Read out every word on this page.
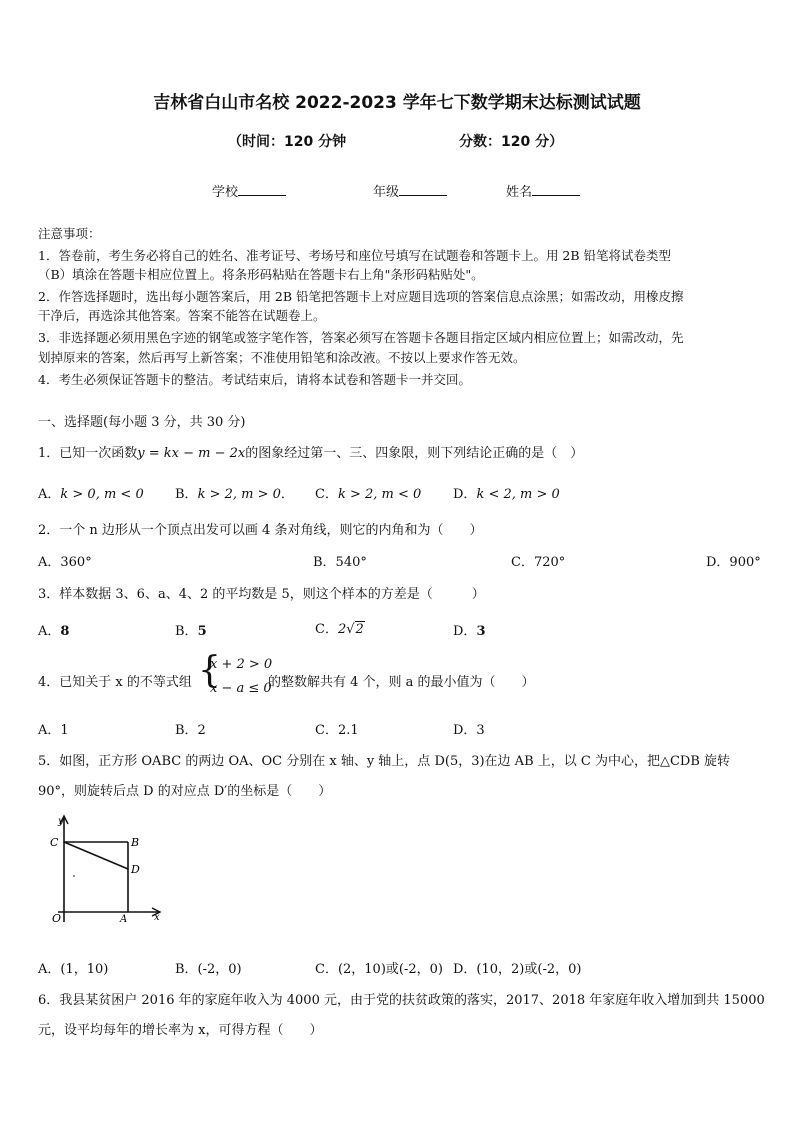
吉林省白山市名校 2022-2023 学年七下数学期末达标测试试题
（时间：120 分钟	分数：120 分）
学校	年级	姓名
注意事项：
1．答卷前，考生务必将自己的姓名、准考证号、考场号和座位号填写在试题卷和答题卡上。用 2B 铅笔将试卷类型
（B）填涂在答题卡相应位置上。将条形码粘贴在答题卡右上角"条形码粘贴处"。
2．作答选择题时，选出每小题答案后，用 2B 铅笔把答题卡上对应题目选项的答案信息点涂黑；如需改动，用橡皮擦
干净后，再选涂其他答案。答案不能答在试题卷上。
3．非选择题必须用黑色字迹的钢笔或签字笔作答，答案必须写在答题卡各题目指定区域内相应位置上；如需改动，先
划掉原来的答案，然后再写上新答案；不准使用铅笔和涂改液。不按以上要求作答无效。
4．考生必须保证答题卡的整洁。考试结束后，请将本试卷和答题卡一并交回。
一、选择题(每小题 3 分，共 30 分)
1．已知一次函数y = kx − m − 2x的图象经过第一、三、四象限，则下列结论正确的是（　）
A．k > 0, m < 0 B．k > 2, m > 0． C．k > 2, m < 0 D．k < 2, m > 0
2．一个 n 边形从一个顶点出发可以画 4 条对角线，则它的内角和为（　　）
A．360°	B．540°	C．720°	D．900°
3．样本数据 3、6、a、4、2 的平均数是 5，则这个样本的方差是（　　　）
A．8	B．5	C．2√2	D．3
4．已知关于 x 的不等式组 {
x + 2 > 0
x − a ≤ 0
的整数解共有 4 个，则 a 的最小值为（　　）
A．1	B．2	C．2.1	D．3
5．如图，正方形 OABC 的两边 OA、OC 分别在 x 轴、y 轴上，点 D(5，3)在边 AB 上，以 C 为中心，把△CDB 旋转
90°，则旋转后点 D 的对应点 D′的坐标是（　　）
y
C	B
D
O	A	x
A．(1，10)	B．(-2，0)	C．(2，10)或(-2，0) D．(10，2)或(-2，0)
6．我县某贫困户 2016 年的家庭年收入为 4000 元，由于党的扶贫政策的落实，2017、2018 年家庭年收入增加到共 15000
元，设平均每年的增长率为 x，可得方程（　　）
